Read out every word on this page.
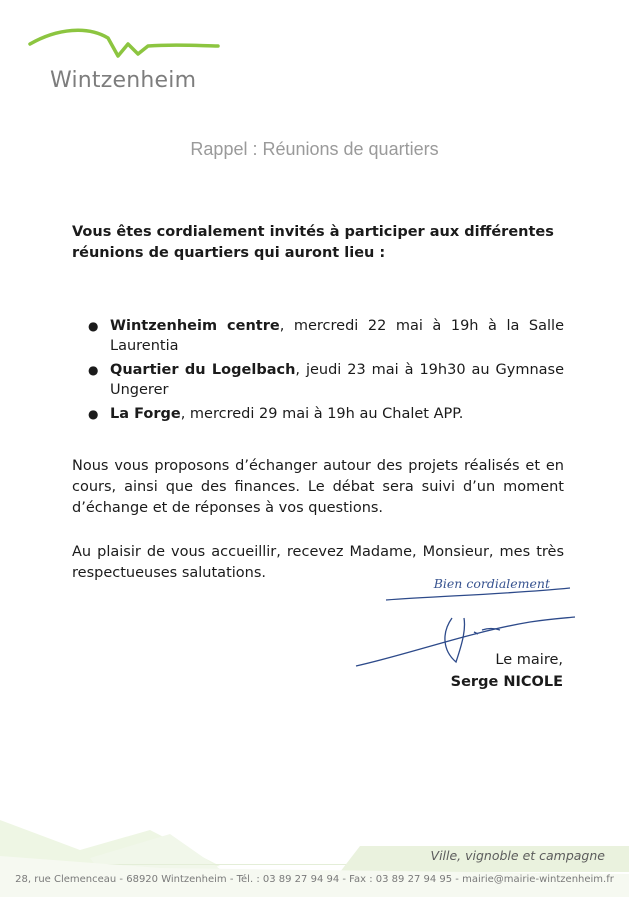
Wintzenheim
Rappel : Réunions de quartiers
Vous êtes cordialement invités à participer aux différentes réunions de quartiers qui auront lieu :
● Wintzenheim centre, mercredi 22 mai à 19h à la Salle Laurentia
● Quartier du Logelbach, jeudi 23 mai à 19h30 au Gymnase Ungerer
● La Forge, mercredi 29 mai à 19h au Chalet APP.

Nous vous proposons d’échanger autour des projets réalisés et en cours, ainsi que des finances. Le débat sera suivi d’un moment d’échange et de réponses à vos questions.

Au plaisir de vous accueillir, recevez Madame, Monsieur, mes très respectueuses salutations.

Bien cordialement
Le maire,
Serge NICOLE
Ville, vignoble et campagne
28, rue Clemenceau - 68920 Wintzenheim - Tél. : 03 89 27 94 94 - Fax : 03 89 27 94 95 - mairie@mairie-wintzenheim.fr
